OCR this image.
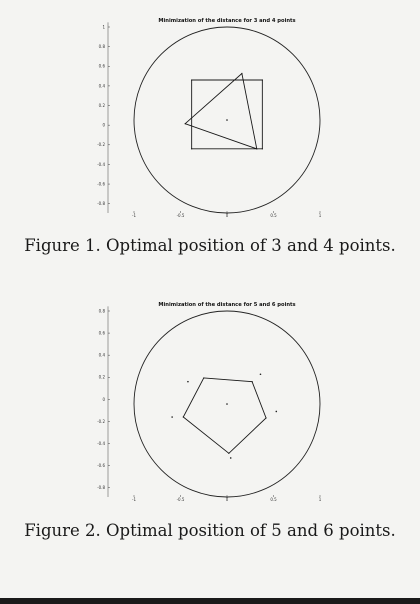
Minimization of the distance for 3 and 4 points
1
0.8
0.6
0.4
0.2
0
-0.2
-0.4
-0.6
-0.8
-1	-0.5	0	0.5	1
Figure 1. Optimal position of 3 and 4 points.
Minimization of the distance for 5 and 6 points
0.8
0.6
0.4
0.2
0
-0.2
-0.4
-0.6
-0.8
-1	-0.5	0	0.5	1
Figure 2. Optimal position of 5 and 6 points.
